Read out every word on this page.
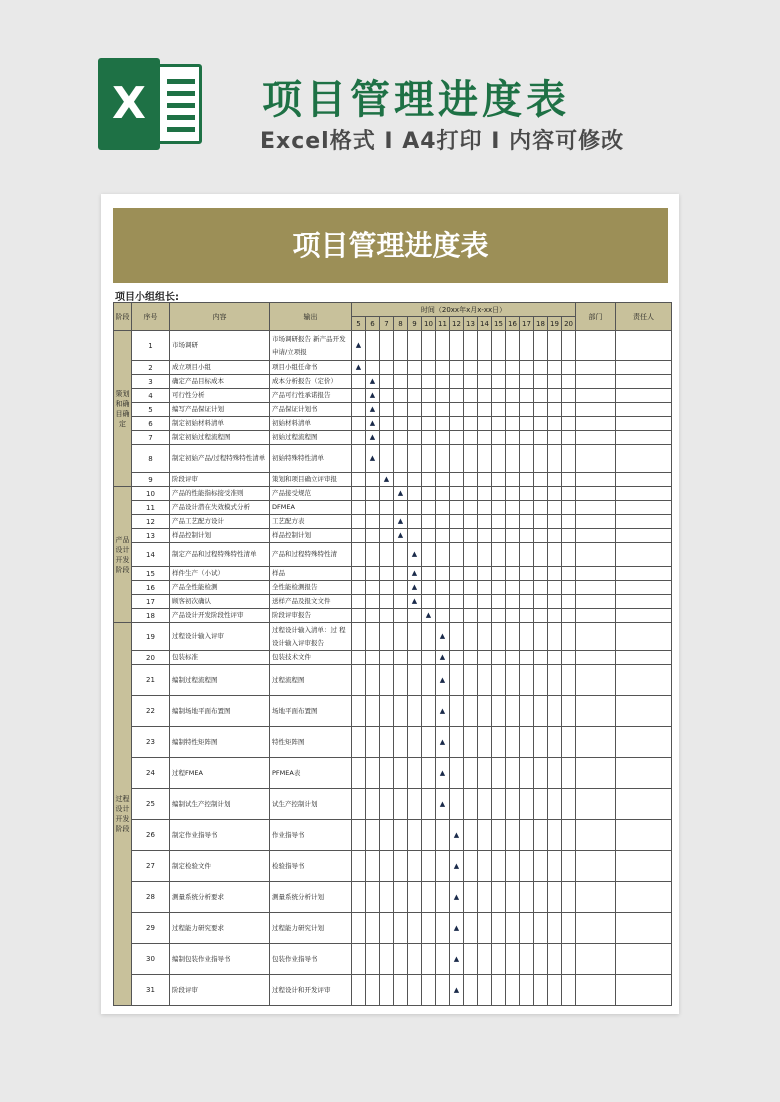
X	项目管理进度表
Excel格式 I A4打印 I 内容可修改
项目管理进度表
项目小组组长:
阶段	序号	内容	输出	时间（20xx年x月x-xx日）																部门	责任人
				5	6	7	8	9	10	11	12	13	14	15	16	17	18	19	20		
策划和确目确定	1	市场调研	市场调研报告 新产品开发申请/立项报	▲																	
	2	成立项目小组	项目小组任命书	▲																	
	3	确定产品目标成本	成本分析报告（定价）		▲																
	4	可行性分析	产品可行性承诺报告		▲																
	5	编写产品保证计划	产品保证计划书		▲																
	6	制定初始材料清单	初始材料清单		▲																
	7	制定初始过程流程图	初始过程流程图		▲																
	8	制定初始产品/过程特殊特性清单	初始特殊特性清单		▲																
	9	阶段评审	策划和项目确立评审报			▲															
产品设计开发阶段	10	产品的性能指标接受准则	产品接受规范				▲														
	11	产品设计潜在失效模式分析	DFMEA																		
	12	产品工艺配方设计	工艺配方表				▲														
	13	样品控制计划	样品控制计划				▲														
	14	制定产品和过程特殊特性清单	产品和过程特殊特性清					▲													
	15	样件生产（小试）	样品					▲													
	16	产品全性能检测	全性能检测报告					▲													
	17	顾客初次确认	送样产品及报文文件					▲													
	18	产品设计开发阶段性评审	阶段评审报告						▲												
过程设计开发阶段	19	过程设计输入评审	过程设计输入清单：过 程设计输入评审报告							▲											
	20	包装标准	包装技术文件							▲											
	21	编制过程流程图	过程流程图							▲											
	22	编制场地平面布置图	场地平面布置图							▲											
	23	编制特性矩阵图	特性矩阵图							▲											
	24	过程FMEA	PFMEA表							▲											
	25	编制试生产控制计划	试生产控制计划							▲											
	26	制定作业指导书	作业指导书								▲										
	27	制定检验文件	检验指导书								▲										
	28	测量系统分析要求	测量系统分析计划								▲										
	29	过程能力研究要求	过程能力研究计划								▲										
	30	编制包装作业指导书	包装作业指导书								▲										
	31	阶段评审	过程设计和开发评审								▲										
